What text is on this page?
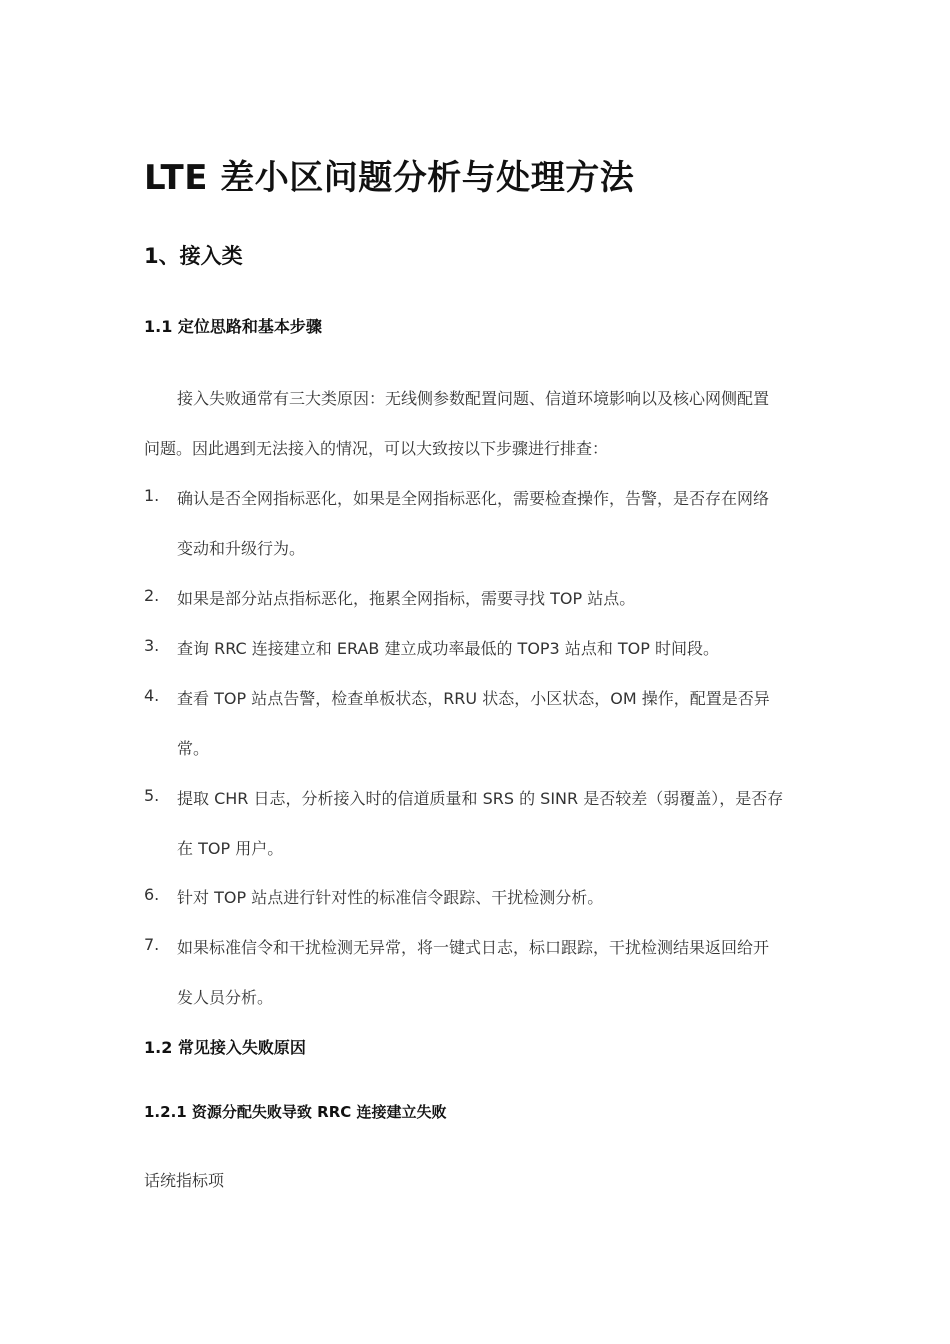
LTE 差小区问题分析与处理方法
1、接入类
1.1 定位思路和基本步骤
接入失败通常有三大类原因：无线侧参数配置问题、信道环境影响以及核心网侧配置
问题。因此遇到无法接入的情况，可以大致按以下步骤进行排查：
1. 确认是否全网指标恶化，如果是全网指标恶化，需要检查操作，告警，是否存在网络
变动和升级行为。
2. 如果是部分站点指标恶化，拖累全网指标，需要寻找 TOP 站点。
3. 查询 RRC 连接建立和 ERAB 建立成功率最低的 TOP3 站点和 TOP 时间段。
4. 查看 TOP 站点告警，检查单板状态，RRU 状态，小区状态，OM 操作，配置是否异
常。
5. 提取 CHR 日志，分析接入时的信道质量和 SRS 的 SINR 是否较差（弱覆盖），是否存
在 TOP 用户。
6. 针对 TOP 站点进行针对性的标准信令跟踪、干扰检测分析。
7. 如果标准信令和干扰检测无异常，将一键式日志，标口跟踪，干扰检测结果返回给开
发人员分析。
1.2 常见接入失败原因
1.2.1 资源分配失败导致 RRC 连接建立失败
话统指标项
